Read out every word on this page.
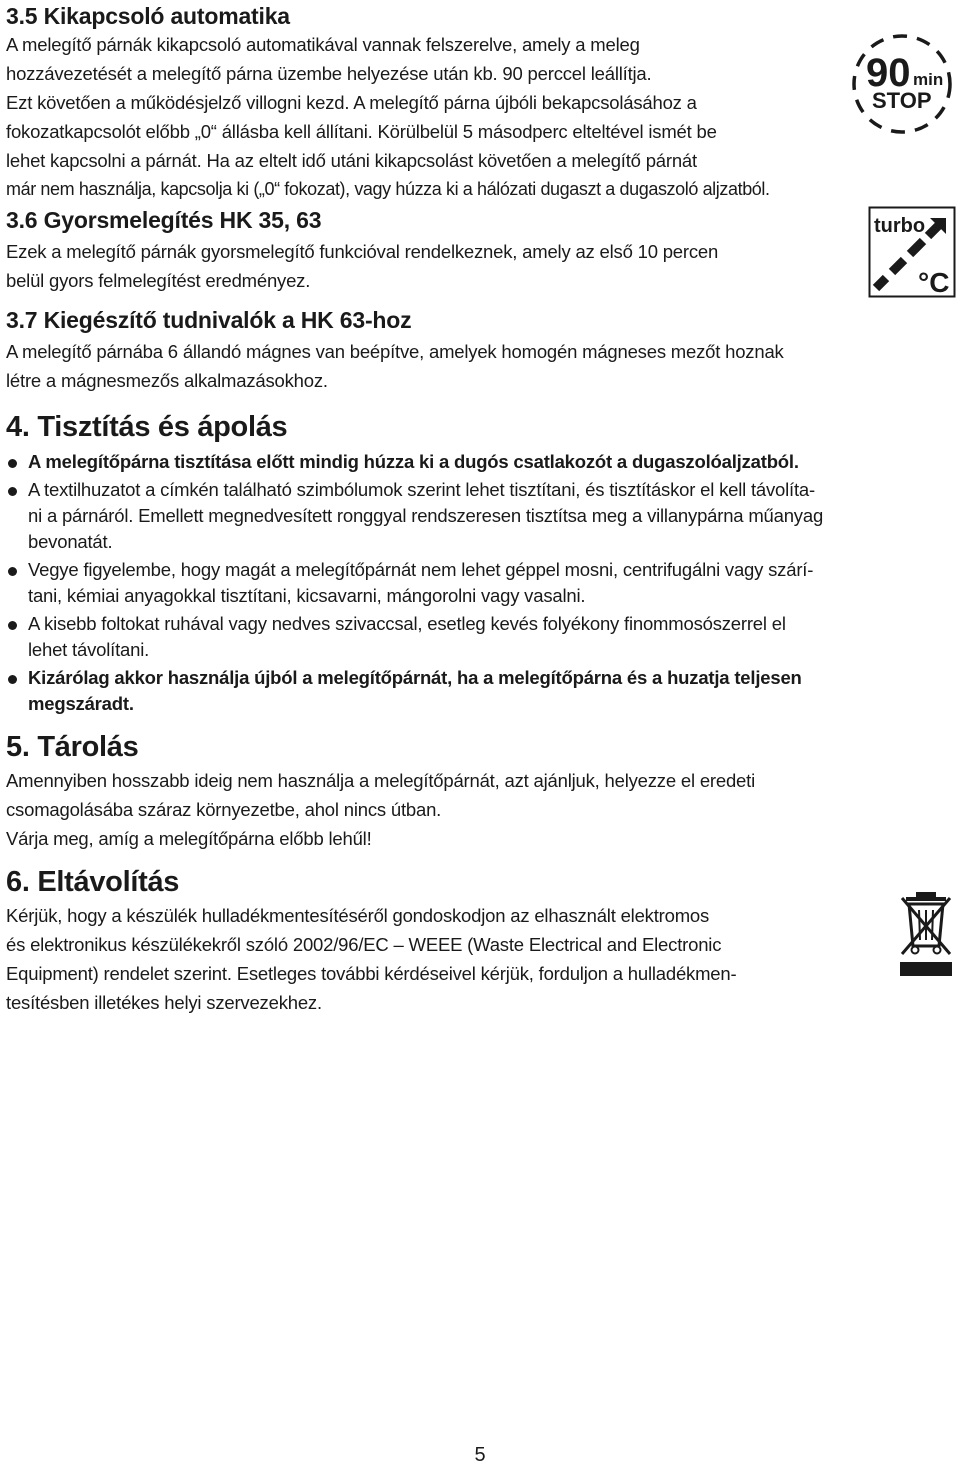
3.5 Kikapcsoló automatika
A melegítő párnák kikapcsoló automatikával vannak felszerelve, amely a meleg
hozzávezetését a melegítő párna üzembe helyezése után kb. 90 perccel leállítja.
Ezt követően a működésjelző villogni kezd. A melegítő párna újbóli bekapcsolásához a
fokozatkapcsolót előbb „0“ állásba kell állítani. Körülbelül 5 másodperc elteltével ismét be
lehet kapcsolni a párnát. Ha az eltelt idő utáni kikapcsolást követően a melegítő párnát
már nem használja, kapcsolja ki („0“ fokozat), vagy húzza ki a hálózati dugaszt a dugaszoló aljzatból.
90 min
STOP
3.6 Gyorsmelegítés HK 35, 63
Ezek a melegítő párnák gyorsmelegítő funkcióval rendelkeznek, amely az első 10 percen
belül gyors felmelegítést eredményez.
turbo
°C
3.7 Kiegészítő tudnivalók a HK 63-hoz
A melegítő párnába 6 állandó mágnes van beépítve, amelyek homogén mágneses mezőt hoznak
létre a mágnesmezős alkalmazásokhoz.
4. Tisztítás és ápolás
A melegítőpárna tisztítása előtt mindig húzza ki a dugós csatlakozót a dugaszolóaljzatból.
A textilhuzatot a címkén található szimbólumok szerint lehet tisztítani, és tisztításkor el kell távolíta-
ni a párnáról. Emellett megnedvesített ronggyal rendszeresen tisztítsa meg a villanypárna műanyag
bevonatát.
Vegye figyelembe, hogy magát a melegítőpárnát nem lehet géppel mosni, centrifugálni vagy szárí-
tani, kémiai anyagokkal tisztítani, kicsavarni, mángorolni vagy vasalni.
A kisebb foltokat ruhával vagy nedves szivaccsal, esetleg kevés folyékony finommosószerrel el
lehet távolítani.
Kizárólag akkor használja újból a melegítőpárnát, ha a melegítőpárna és a huzatja teljesen
megszáradt.
5. Tárolás
Amennyiben hosszabb ideig nem használja a melegítőpárnát, azt ajánljuk, helyezze el eredeti
csomagolásába száraz környezetbe, ahol nincs útban.
Várja meg, amíg a melegítőpárna előbb lehűl!
6. Eltávolítás
Kérjük, hogy a készülék hulladékmentesítéséről gondoskodjon az elhasznált elektromos
és elektronikus készülékekről szóló 2002/96/EC – WEEE (Waste Electrical and Electronic
Equipment) rendelet szerint. Esetleges további kérdéseivel kérjük, forduljon a hulladékmen-
tesítésben illetékes helyi szervezekhez.
5
